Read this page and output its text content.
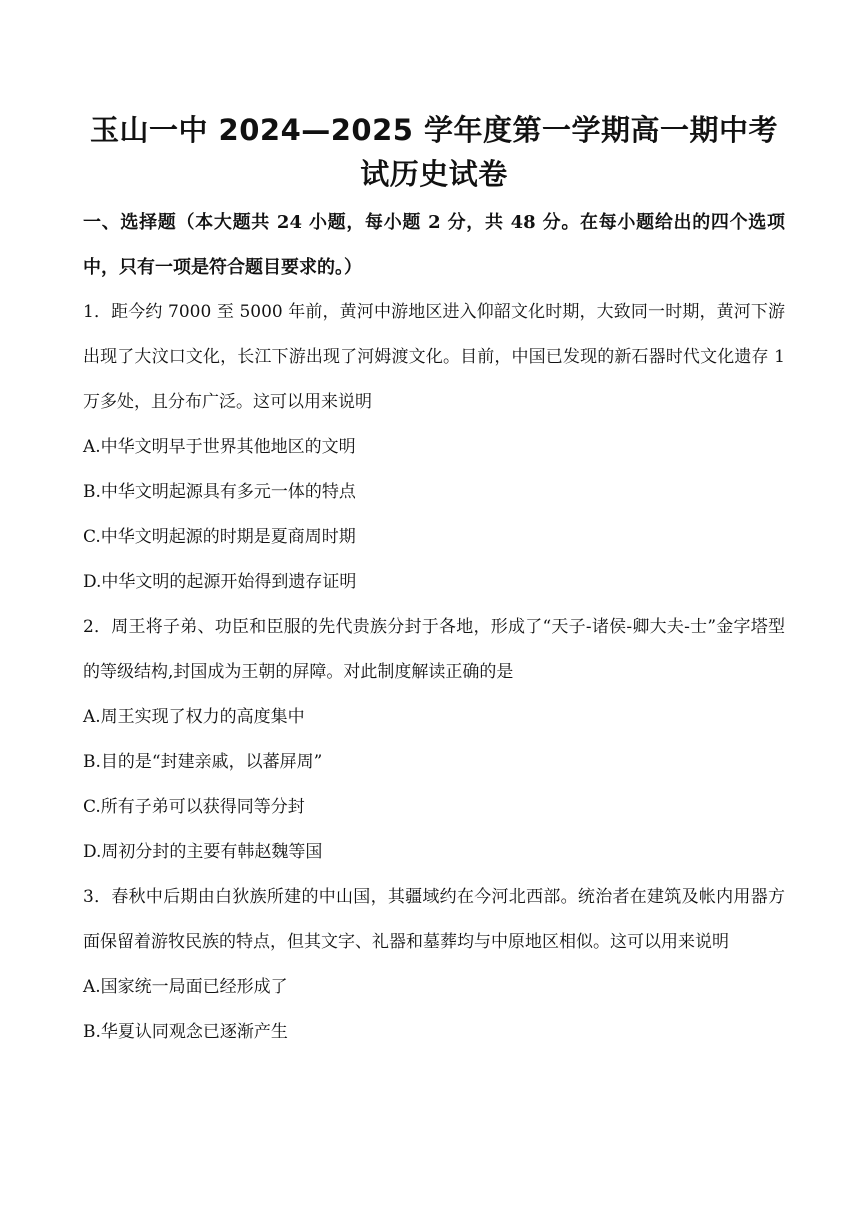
玉山一中 2024—2025 学年度第一学期高一期中考试历史试卷
一、选择题（本大题共 24 小题，每小题 2 分，共 48 分。在每小题给出的四个选项中，只有一项是符合题目要求的。）

1．距今约 7000 至 5000 年前，黄河中游地区进入仰韶文化时期，大致同一时期，黄河下游出现了大汶口文化，长江下游出现了河姆渡文化。目前，中国已发现的新石器时代文化遗存 1 万多处，且分布广泛。这可以用来说明

A.中华文明早于世界其他地区的文明

B.中华文明起源具有多元一体的特点

C.中华文明起源的时期是夏商周时期

D.中华文明的起源开始得到遗存证明

2．周王将子弟、功臣和臣服的先代贵族分封于各地，形成了“天子-诸侯-卿大夫-士”金字塔型的等级结构,封国成为王朝的屏障。对此制度解读正确的是

A.周王实现了权力的高度集中

B.目的是“封建亲戚，以蕃屏周”

C.所有子弟可以获得同等分封

D.周初分封的主要有韩赵魏等国

3．春秋中后期由白狄族所建的中山国，其疆域约在今河北西部。统治者在建筑及帐内用器方面保留着游牧民族的特点，但其文字、礼器和墓葬均与中原地区相似。这可以用来说明

A.国家统一局面已经形成了

B.华夏认同观念已逐渐产生
